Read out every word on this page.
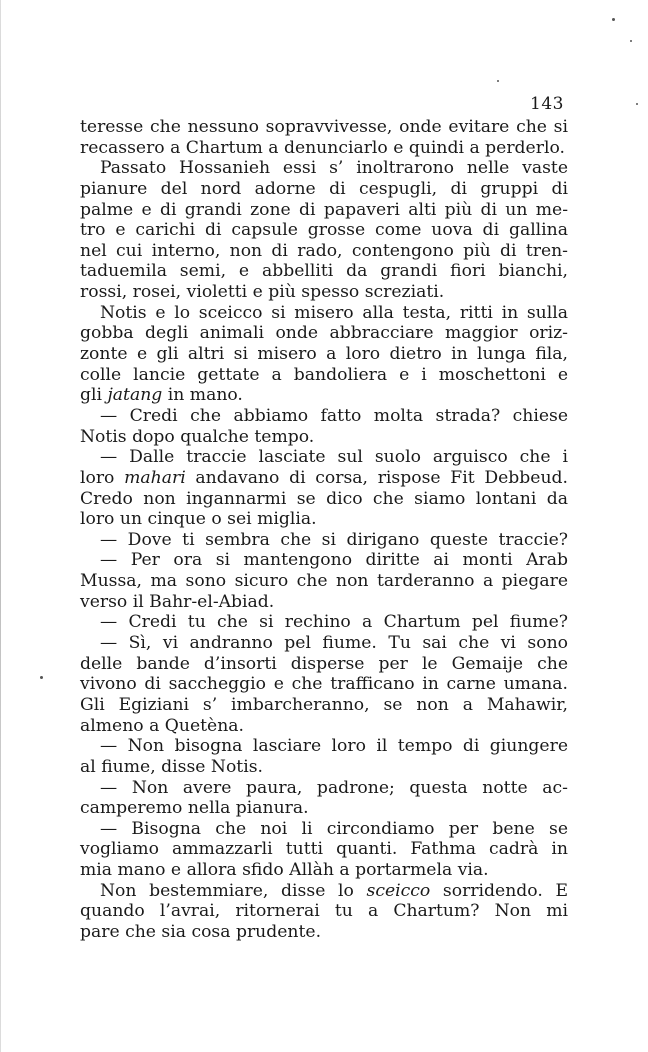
143
teresse che nessuno sopravvivesse, onde evitare che si
recassero a Chartum a denunciarlo e quindi a perderlo.
Passato Hossanieh essi s’ inoltrarono nelle vaste
pianure del nord adorne di cespugli, di gruppi di
palme e di grandi zone di papaveri alti più di un me-
tro e carichi di capsule grosse come uova di gallina
nel cui interno, non di rado, contengono più di tren-
taduemila semi, e abbelliti da grandi fiori bianchi,
rossi, rosei, violetti e più spesso screziati.
Notis e lo sceicco si misero alla testa, ritti in sulla
gobba degli animali onde abbracciare maggior oriz-
zonte e gli altri si misero a loro dietro in lunga fila,
colle lancie gettate a bandoliera e i moschettoni e
gli jatang in mano.
— Credi che abbiamo fatto molta strada? chiese
Notis dopo qualche tempo.
— Dalle traccie lasciate sul suolo arguisco che i
loro mahari andavano di corsa, rispose Fit Debbeud.
Credo non ingannarmi se dico che siamo lontani da
loro un cinque o sei miglia.
— Dove ti sembra che si dirigano queste traccie?
— Per ora si mantengono diritte ai monti Arab
Mussa, ma sono sicuro che non tarderanno a piegare
verso il Bahr-el-Abiad.
— Credi tu che si rechino a Chartum pel fiume?
— Sì, vi andranno pel fiume. Tu sai che vi sono
delle bande d’insorti disperse per le Gemaije che
vivono di saccheggio e che trafficano in carne umana.
Gli Egiziani s’ imbarcheranno, se non a Mahawir,
almeno a Quetèna.
— Non bisogna lasciare loro il tempo di giungere
al fiume, disse Notis.
— Non avere paura, padrone; questa notte ac-
camperemo nella pianura.
— Bisogna che noi li circondiamo per bene se
vogliamo ammazzarli tutti quanti. Fathma cadrà in
mia mano e allora sfido Allàh a portarmela via.
Non bestemmiare, disse lo sceicco sorridendo. E
quando l’avrai, ritornerai tu a Chartum? Non mi
pare che sia cosa prudente.
